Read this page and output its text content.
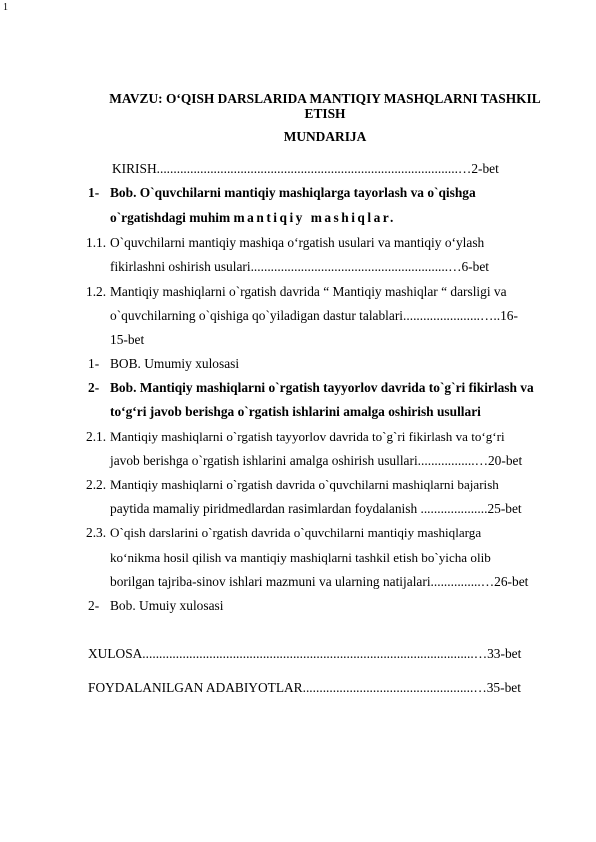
1
MAVZU: O‘QISH DARSLARIDA MANTIQIY MASHQLARNI TASHKIL ETISH
MUNDARIJA
KIRISH..........................................................................................…2-bet
1- Bob. O`quvchilarni mantiqiy mashiqlarga tayorlash va o`qishga
o`rgatishdagi muhim mantiqiy mashiqlar.
1.1. O`quvchilarni mantiqiy mashiqa o‘rgatish usulari va mantiqiy o‘ylash
fikirlashni oshirish usulari...........................................................…6-bet
1.2. Mantiqiy mashiqlarni o`rgatish davrida “ Mantiqiy mashiqlar “ darsligi va
o`quvchilarning o`qishiga qo`yiladigan dastur talablari.......................…..16-
15-bet
1- BOB. Umumiy xulosasi
2- Bob. Mantiqiy mashiqlarni o`rgatish tayyorlov davrida to`g`ri fikirlash va
to‘g‘ri javob berishga o`rgatish ishlarini amalga oshirish usullari
2.1. Mantiqiy mashiqlarni o`rgatish tayyorlov davrida to`g`ri fikirlash va to‘g‘ri
javob berishga o`rgatish ishlarini amalga oshirish usullari.................…20-bet
2.2. Mantiqiy mashiqlarni o`rgatish davrida o`quvchilarni mashiqlarni bajarish
paytida mamaliy piridmedlardan rasimlardan foydalanish ....................25-bet
2.3. O`qish darslarini o`rgatish davrida o`quvchilarni mantiqiy mashiqlarga
ko‘nikma hosil qilish va mantiqiy mashiqlarni tashkil etish bo`yicha olib
borilgan tajriba-sinov ishlari mazmuni va ularning natijalari...............…26-bet
2- Bob. Umuiy xulosasi
XULOSA...................................................................................................…33-bet
FOYDALANILGAN ADABIYOTLAR...................................................…35-bet
